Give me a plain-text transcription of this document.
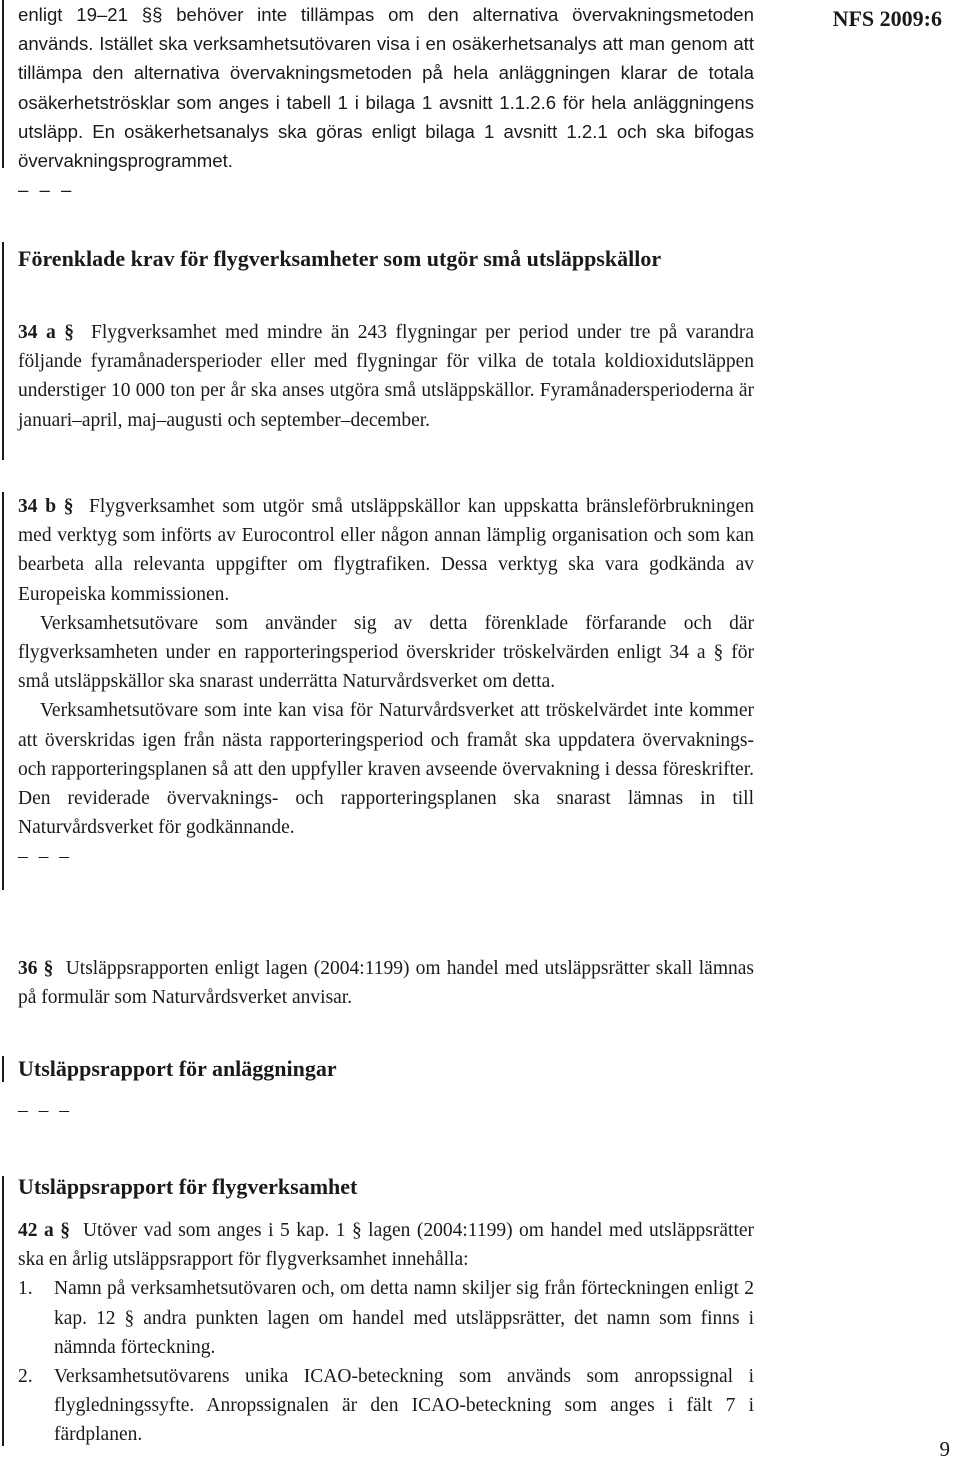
NFS 2009:6

enligt 19–21 §§ behöver inte tillämpas om den alternativa övervakningsmetoden används. Istället ska verksamhetsutövaren visa i en osäkerhetsanalys att man genom att tillämpa den alternativa övervakningsmetoden på hela anläggningen klarar de totala osäkerhetströsklar som anges i tabell 1 i bilaga 1 avsnitt 1.1.2.6 för hela anläggningens utsläpp. En osäkerhetsanalys ska göras enligt bilaga 1 avsnitt 1.2.1 och ska bifogas övervakningsprogrammet.

– – –

Förenklade krav för flygverksamheter som utgör små utsläppskällor

34 a § Flygverksamhet med mindre än 243 flygningar per period under tre på varandra följande fyramånadersperioder eller med flygningar för vilka de totala koldioxidutsläppen understiger 10 000 ton per år ska anses utgöra små utsläppskällor. Fyramånadersperioderna är januari–april, maj–augusti och september–december.

34 b § Flygverksamhet som utgör små utsläppskällor kan uppskatta bränsleförbrukningen med verktyg som införts av Eurocontrol eller någon annan lämplig organisation och som kan bearbeta alla relevanta uppgifter om flygtrafiken. Dessa verktyg ska vara godkända av Europeiska kommissionen.

Verksamhetsutövare som använder sig av detta förenklade förfarande och där flygverksamheten under en rapporteringsperiod överskrider tröskelvärden enligt 34 a § för små utsläppskällor ska snarast underrätta Naturvårdsverket om detta.

Verksamhetsutövare som inte kan visa för Naturvårdsverket att tröskelvärdet inte kommer att överskridas igen från nästa rapporteringsperiod och framåt ska uppdatera övervaknings- och rapporteringsplanen så att den uppfyller kraven avseende övervakning i dessa föreskrifter. Den reviderade övervaknings- och rapporteringsplanen ska snarast lämnas in till Naturvårdsverket för godkännande.

– – –

36 § Utsläppsrapporten enligt lagen (2004:1199) om handel med utsläppsrätter skall lämnas på formulär som Naturvårdsverket anvisar.

Utsläppsrapport för anläggningar

– – –

Utsläppsrapport för flygverksamhet

42 a § Utöver vad som anges i 5 kap. 1 § lagen (2004:1199) om handel med utsläppsrätter ska en årlig utsläppsrapport för flygverksamhet innehålla:

1. Namn på verksamhetsutövaren och, om detta namn skiljer sig från förteckningen enligt 2 kap. 12 § andra punkten lagen om handel med utsläppsrätter, det namn som finns i nämnda förteckning.
2. Verksamhetsutövarens unika ICAO-beteckning som används som anropssignal i flygledningssyfte. Anropssignalen är den ICAO-beteckning som anges i fält 7 i färdplanen.
9
